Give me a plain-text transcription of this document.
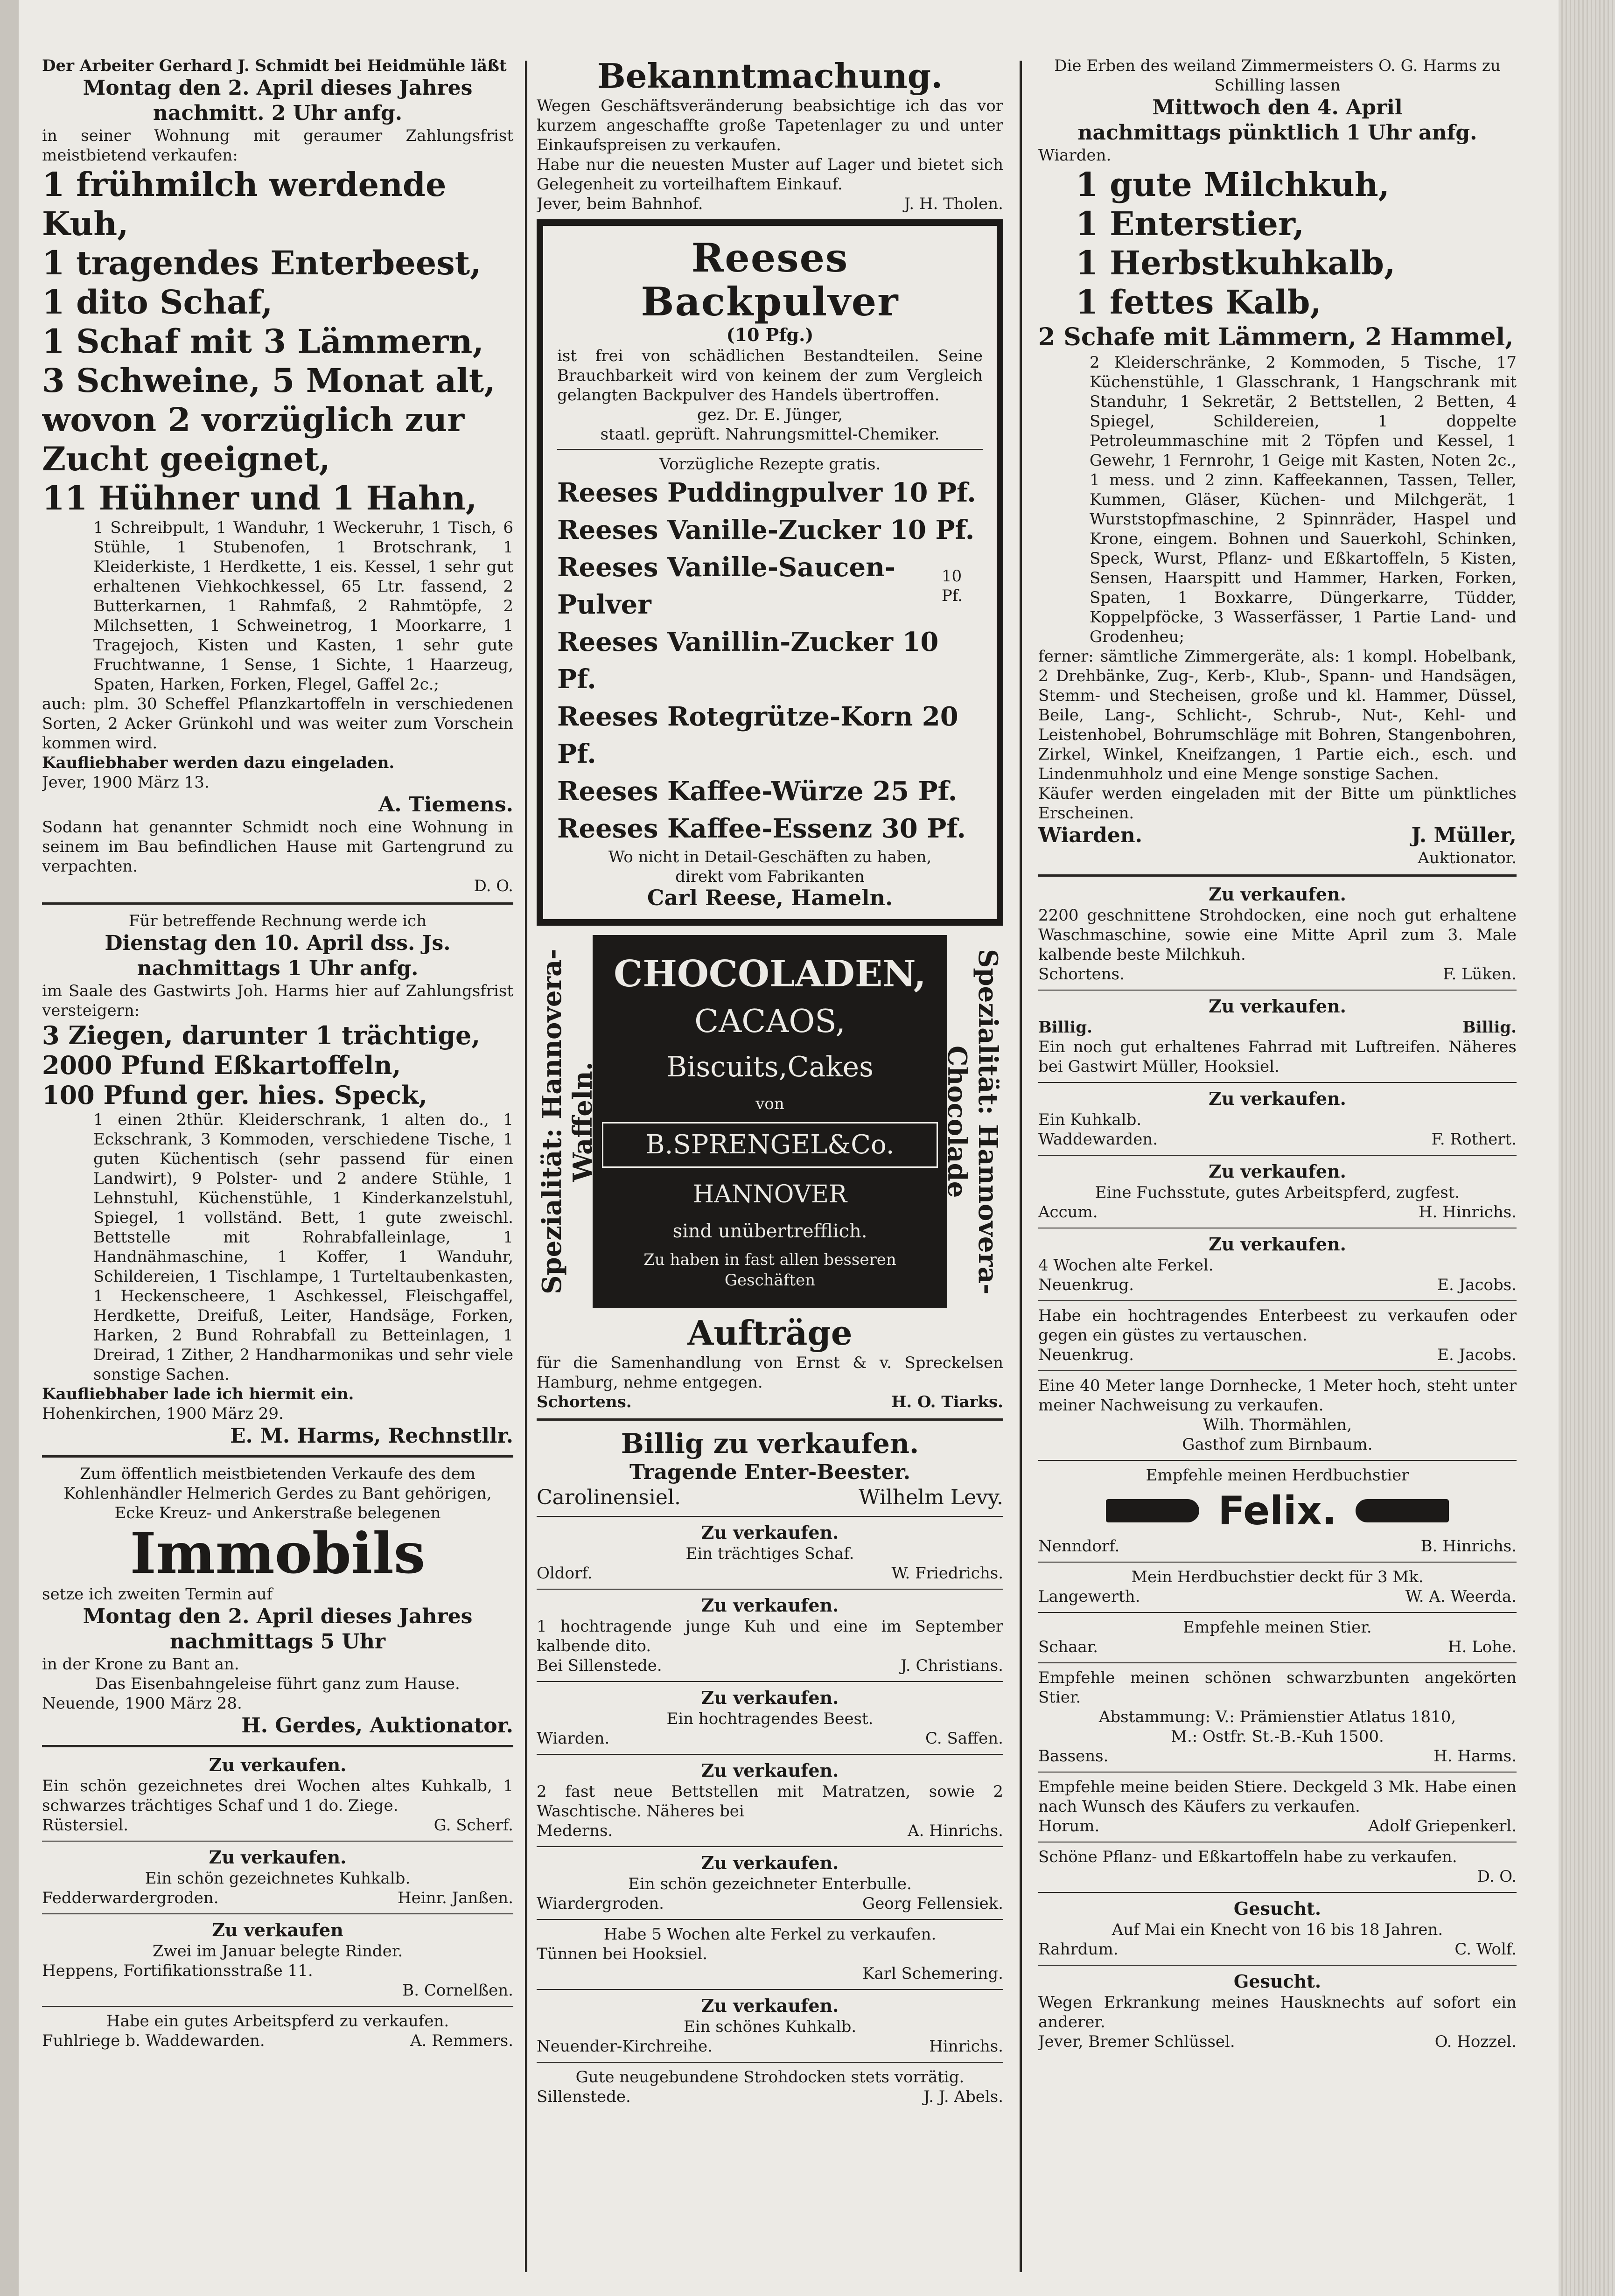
Der Arbeiter Gerhard J. Schmidt bei Heidmühle läßt

Montag den 2. April dieses Jahres

nachmitt. 2 Uhr anfg.

in seiner Wohnung mit geraumer Zahlungsfrist meistbietend verkaufen:

1 frühmilch werdende Kuh,

1 tragendes Enterbeest,

1 dito Schaf,

1 Schaf mit 3 Lämmern,

3 Schweine, 5 Monat alt, wovon 2 vorzüglich zur Zucht geeignet,

11 Hühner und 1 Hahn,

1 Schreibpult, 1 Wanduhr, 1 Weckeruhr, 1 Tisch, 6 Stühle, 1 Stubenofen, 1 Brotschrank, 1 Kleiderkiste, 1 Herdkette, 1 eis. Kessel, 1 sehr gut erhaltenen Viehkochkessel, 65 Ltr. fassend, 2 Butterkarnen, 1 Rahmfaß, 2 Rahmtöpfe, 2 Milchsetten, 1 Schweinetrog, 1 Moorkarre, 1 Tragejoch, Kisten und Kasten, 1 sehr gute Fruchtwanne, 1 Sense, 1 Sichte, 1 Haarzeug, Spaten, Harken, Forken, Flegel, Gaffel 2c.;

auch: plm. 30 Scheffel Pflanzkartoffeln in verschiedenen Sorten, 2 Acker Grünkohl und was weiter zum Vorschein kommen wird.

Kaufliebhaber werden dazu eingeladen.

Jever, 1900 März 13.

A. Tiemens.

Sodann hat genannter Schmidt noch eine Wohnung in seinem im Bau befindlichen Hause mit Gartengrund zu verpachten.

D. O.

Für betreffende Rechnung werde ich

Dienstag den 10. April dss. Js.

nachmittags 1 Uhr anfg.

im Saale des Gastwirts Joh. Harms hier auf Zahlungsfrist versteigern:

3 Ziegen, darunter 1 trächtige,

2000 Pfund Eßkartoffeln,

100 Pfund ger. hies. Speck,

1 einen 2thür. Kleiderschrank, 1 alten do., 1 Eckschrank, 3 Kommoden, verschiedene Tische, 1 guten Küchentisch (sehr passend für einen Landwirt), 9 Polster- und 2 andere Stühle, 1 Lehnstuhl, Küchenstühle, 1 Kinderkanzelstuhl, Spiegel, 1 vollständ. Bett, 1 gute zweischl. Bettstelle mit Rohrabfalleinlage, 1 Handnähmaschine, 1 Koffer, 1 Wanduhr, Schildereien, 1 Tischlampe, 1 Turteltaubenkasten, 1 Heckenscheere, 1 Aschkessel, Fleischgaffel, Herdkette, Dreifuß, Leiter, Handsäge, Forken, Harken, 2 Bund Rohrabfall zu Betteinlagen, 1 Dreirad, 1 Zither, 2 Handharmonikas und sehr viele sonstige Sachen.

Kaufliebhaber lade ich hiermit ein.

Hohenkirchen, 1900 März 29.

E. M. Harms, Rechnstllr.

Zum öffentlich meistbietenden Verkaufe des dem Kohlenhändler Helmerich Gerdes zu Bant gehörigen, Ecke Kreuz- und Ankerstraße belegenen

Immobils

setze ich zweiten Termin auf

Montag den 2. April dieses Jahres

nachmittags 5 Uhr

in der Krone zu Bant an.

Das Eisenbahngeleise führt ganz zum Hause.

Neuende, 1900 März 28.

H. Gerdes, Auktionator.

Zu verkaufen.

Ein schön gezeichnetes drei Wochen altes Kuhkalb, 1 schwarzes trächtiges Schaf und 1 do. Ziege.

Rüstersiel.	G. Scherf.

Zu verkaufen.

Ein schön gezeichnetes Kuhkalb.

Fedderwardergroden.	Heinr. Janßen.

Zu verkaufen

Zwei im Januar belegte Rinder.

Heppens, Fortifikationsstraße 11.

B. Cornelßen.

Habe ein gutes Arbeitspferd zu verkaufen.

Fuhlriege b. Waddewarden.	A. Remmers.

Bekanntmachung.

Wegen Geschäftsveränderung beabsichtige ich das vor kurzem angeschaffte große Tapetenlager zu und unter Einkaufspreisen zu verkaufen.

Habe nur die neuesten Muster auf Lager und bietet sich Gelegenheit zu vorteilhaftem Einkauf.

Jever, beim Bahnhof.	J. H. Tholen.

Reeses

Backpulver

(10 Pfg.)

ist frei von schädlichen Bestandteilen. Seine Brauchbarkeit wird von keinem der zum Vergleich gelangten Backpulver des Handels übertroffen.

gez. Dr. E. Jünger,

staatl. geprüft. Nahrungsmittel-Chemiker.

Vorzügliche Rezepte gratis.

Reeses Puddingpulver 10 Pf.

Reeses Vanille-Zucker 10 Pf.

Reeses Vanille-Saucen-Pulver

10 Pf.

Reeses Vanillin-Zucker 10 Pf.

Reeses Rotegrütze-Korn 20 Pf.

Reeses Kaffee-Würze 25 Pf.

Reeses Kaffee-Essenz 30 Pf.

Wo nicht in Detail-Geschäften zu haben,

direkt vom Fabrikanten

Carl Reese, Hameln.

Spezialität: Hannovera-Waffeln.

CHOCOLADEN,

CACAOS,

Biscuits,Cakes

von

B.SPRENGEL&Co.

HANNOVER

sind unübertrefflich.

Zu haben in fast allen besseren Geschäften	Spezialität: Hannovera-Chocolade

Aufträge

für die Samenhandlung von Ernst & v. Spreckelsen Hamburg, nehme entgegen.

Schortens.	H. O. Tiarks.

Billig zu verkaufen.

Tragende Enter-Beester.

Carolinensiel.	Wilhelm Levy.

Zu verkaufen.

Ein trächtiges Schaf.

Oldorf.	W. Friedrichs.

Zu verkaufen.

1 hochtragende junge Kuh und eine im September kalbende dito.

Bei Sillenstede.	J. Christians.

Zu verkaufen.

Ein hochtragendes Beest.

Wiarden.	C. Saffen.

Zu verkaufen.

2 fast neue Bettstellen mit Matratzen, sowie 2 Waschtische. Näheres bei

Mederns.	A. Hinrichs.

Zu verkaufen.

Ein schön gezeichneter Enterbulle.

Wiardergroden.	Georg Fellensiek.

Habe 5 Wochen alte Ferkel zu verkaufen.

Tünnen bei Hooksiel.

Karl Schemering.

Zu verkaufen.

Ein schönes Kuhkalb.

Neuender-Kirchreihe.	Hinrichs.

Gute neugebundene Strohdocken stets vorrätig.

Sillenstede.	J. J. Abels.

Die Erben des weiland Zimmermeisters O. G. Harms zu Schilling lassen

Mittwoch den 4. April

nachmittags pünktlich 1 Uhr anfg.

Wiarden.

1 gute Milchkuh,

1 Enterstier,

1 Herbstkuhkalb,

1 fettes Kalb,

2 Schafe mit Lämmern, 2 Hammel,

2 Kleiderschränke, 2 Kommoden, 5 Tische, 17 Küchenstühle, 1 Glasschrank, 1 Hangschrank mit Standuhr, 1 Sekretär, 2 Bettstellen, 2 Betten, 4 Spiegel, Schildereien, 1 doppelte Petroleummaschine mit 2 Töpfen und Kessel, 1 Gewehr, 1 Fernrohr, 1 Geige mit Kasten, Noten 2c., 1 mess. und 2 zinn. Kaffeekannen, Tassen, Teller, Kummen, Gläser, Küchen- und Milchgerät, 1 Wurststopfmaschine, 2 Spinnräder, Haspel und Krone, eingem. Bohnen und Sauerkohl, Schinken, Speck, Wurst, Pflanz- und Eßkartoffeln, 5 Kisten, Sensen, Haarspitt und Hammer, Harken, Forken, Spaten, 1 Boxkarre, Düngerkarre, Tüdder, Koppelpföcke, 3 Wasserfässer, 1 Partie Land- und Grodenheu;

ferner: sämtliche Zimmergeräte, als: 1 kompl. Hobelbank, 2 Drehbänke, Zug-, Kerb-, Klub-, Spann- und Handsägen, Stemm- und Stecheisen, große und kl. Hammer, Düssel, Beile, Lang-, Schlicht-, Schrub-, Nut-, Kehl- und Leistenhobel, Bohrumschläge mit Bohren, Stangenbohren, Zirkel, Winkel, Kneifzangen, 1 Partie eich., esch. und Lindenmuhholz und eine Menge sonstige Sachen.

Käufer werden eingeladen mit der Bitte um pünktliches Erscheinen.

Wiarden.	J. Müller,

Auktionator.

Zu verkaufen.

2200 geschnittene Strohdocken, eine noch gut erhaltene Waschmaschine, sowie eine Mitte April zum 3. Male kalbende beste Milchkuh.

Schortens.	F. Lüken.

Zu verkaufen.

Billig.	Billig.

Ein noch gut erhaltenes Fahrrad mit Luftreifen. Näheres bei Gastwirt Müller, Hooksiel.

Zu verkaufen.

Ein Kuhkalb.

Waddewarden.	F. Rothert.

Zu verkaufen.

Eine Fuchsstute, gutes Arbeitspferd, zugfest.

Accum.	H. Hinrichs.

Zu verkaufen.

4 Wochen alte Ferkel.

Neuenkrug.	E. Jacobs.

Habe ein hochtragendes Enterbeest zu verkaufen oder gegen ein güstes zu vertauschen.

Neuenkrug.	E. Jacobs.

Eine 40 Meter lange Dornhecke, 1 Meter hoch, steht unter meiner Nachweisung zu verkaufen.

Wilh. Thormählen,

Gasthof zum Birnbaum.

Empfehle meinen Herdbuchstier

Felix.
Nenndorf.	B. Hinrichs.

Mein Herdbuchstier deckt für 3 Mk.

Langewerth.	W. A. Weerda.

Empfehle meinen Stier.

Schaar.	H. Lohe.

Empfehle meinen schönen schwarzbunten angekörten Stier.

Abstammung: V.: Prämienstier Atlatus 1810,

M.: Ostfr. St.-B.-Kuh 1500.

Bassens.	H. Harms.

Empfehle meine beiden Stiere. Deckgeld 3 Mk. Habe einen nach Wunsch des Käufers zu verkaufen.

Horum.	Adolf Griepenkerl.

Schöne Pflanz- und Eßkartoffeln habe zu verkaufen.

D. O.

Gesucht.

Auf Mai ein Knecht von 16 bis 18 Jahren.

Rahrdum.	C. Wolf.

Gesucht.

Wegen Erkrankung meines Hausknechts auf sofort ein anderer.

Jever, Bremer Schlüssel.	O. Hozzel.
